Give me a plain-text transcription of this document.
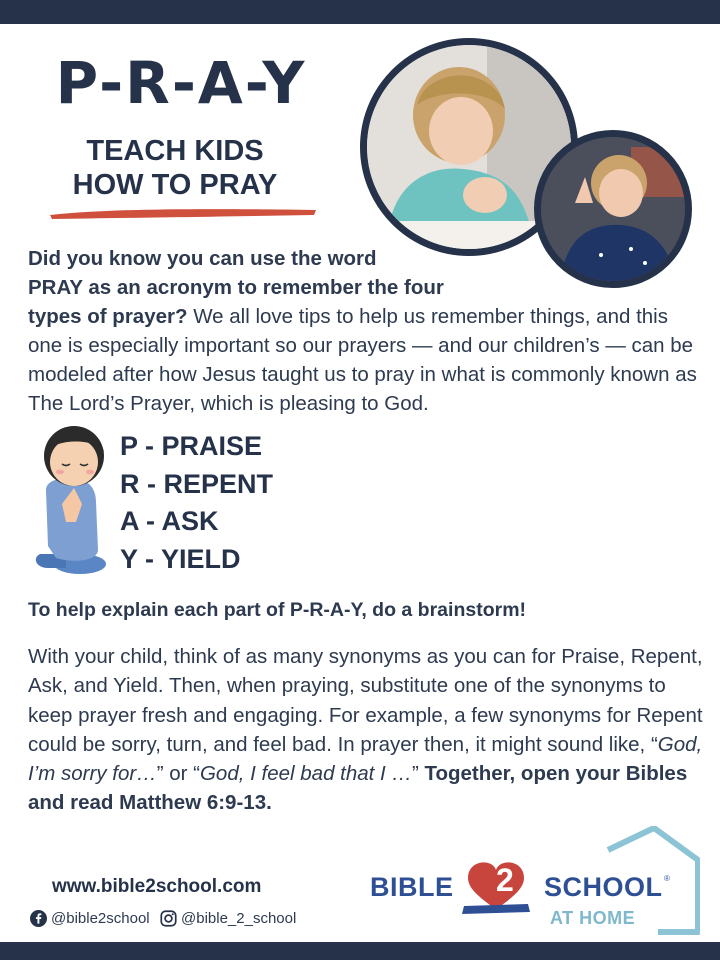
P-R-A-Y
TEACH KIDS
HOW TO PRAY
Did you know you can use the word
PRAY as an acronym to remember the four
types of prayer? We all love tips to help us remember things, and this one is especially important so our prayers — and our children’s — can be modeled after how Jesus taught us to pray in what is commonly known as The Lord’s Prayer, which is pleasing to God.
P - PRAISE
R - REPENT
A - ASK
Y - YIELD
To help explain each part of P-R-A-Y, do a brainstorm!
With your child, think of as many synonyms as you can for Praise, Repent, Ask, and Yield. Then, when praying, substitute one of the synonyms to keep prayer fresh and engaging. For example, a few synonyms for Repent could be sorry, turn, and feel bad. In prayer then, it might sound like, “God, I’m sorry for…” or “God, I feel bad that I …” Together, open your Bibles and read Matthew 6:9-13.
www.bible2school.com
@bible2school @bible_2_school
BIBLE 2 SCHOOL ®
AT HOME
